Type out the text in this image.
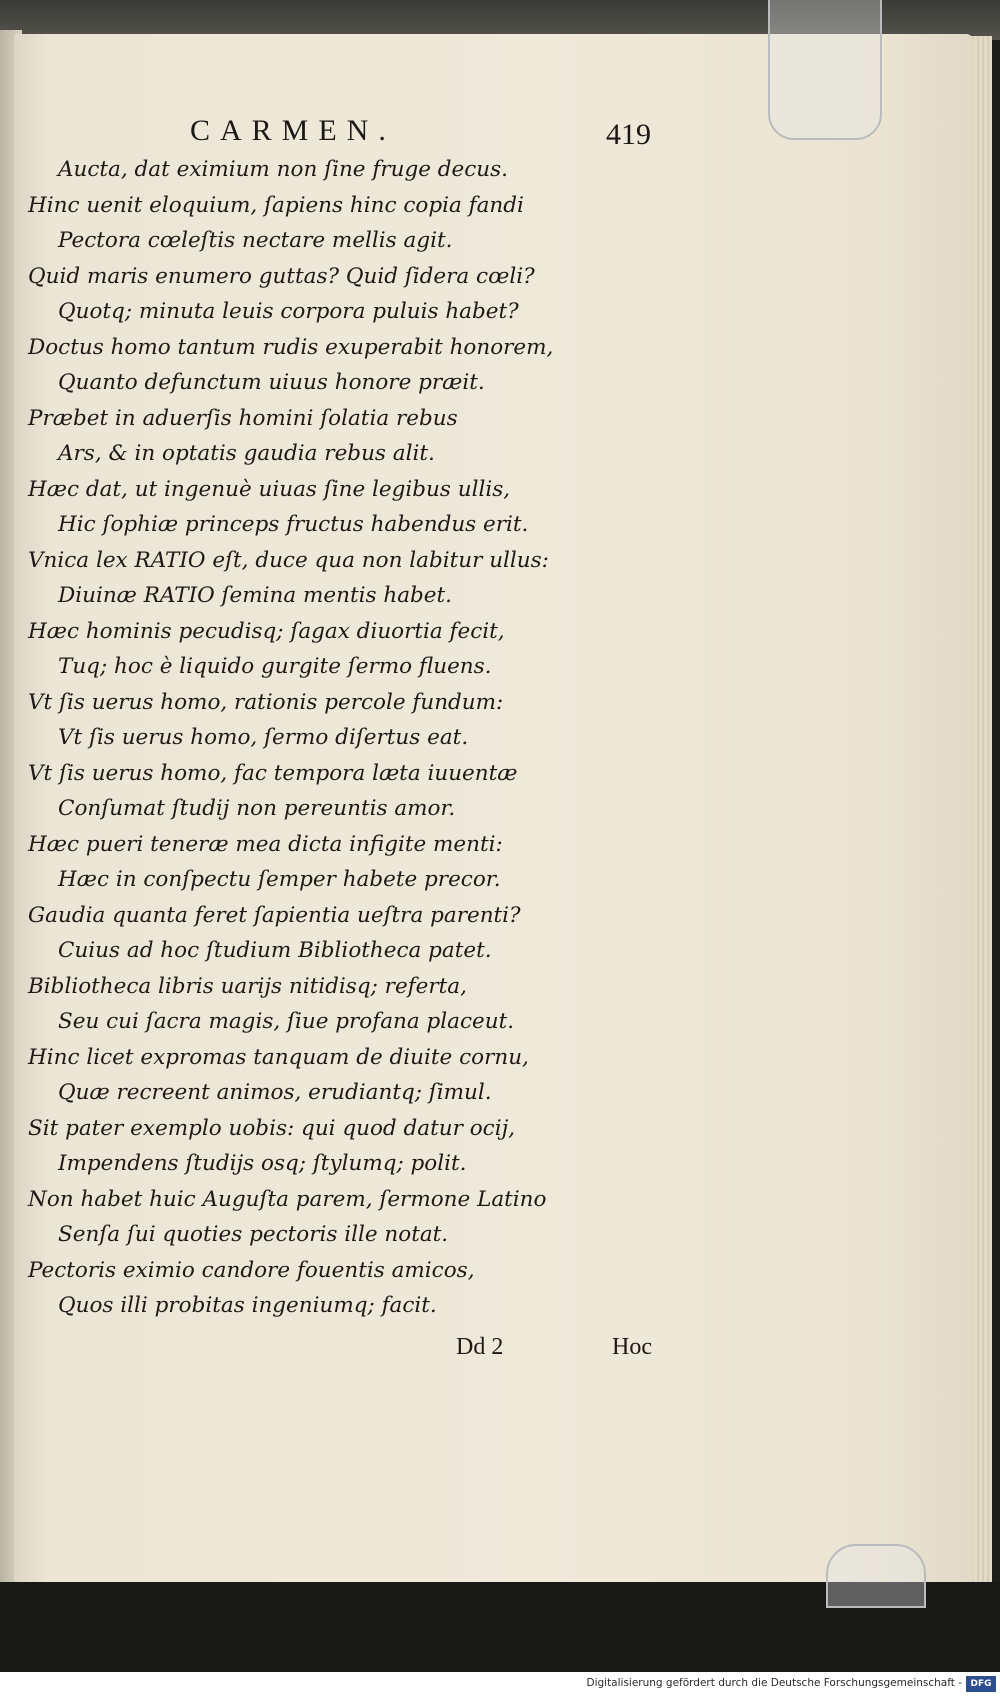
CARMEN.	419
Aucta, dat eximium non ſine fruge decus.
Hinc uenit eloquium, ſapiens hinc copia fandi
Pectora cœleſtis nectare mellis agit.
Quid maris enumero guttas? Quid ſidera cœli?
Quotq; minuta leuis corpora puluis habet?
Doctus homo tantum rudis exuperabit honorem,
Quanto defunctum uiuus honore præit.
Præbet in aduerſis homini ſolatia rebus
Ars, & in optatis gaudia rebus alit.
Hæc dat, ut ingenuè uiuas ſine legibus ullis,
Hic ſophiæ princeps fructus habendus erit.
Vnica lex RATIO eſt, duce qua non labitur ullus:
Diuinæ RATIO ſemina mentis habet.
Hæc hominis pecudisq; ſagax diuortia fecit,
Tuq; hoc è liquido gurgite ſermo fluens.
Vt ſis uerus homo, rationis percole fundum:
Vt ſis uerus homo, ſermo diſertus eat.
Vt ſis uerus homo, fac tempora læta iuuentæ
Conſumat ſtudij non pereuntis amor.
Hæc pueri teneræ mea dicta infigite menti:
Hæc in conſpectu ſemper habete precor.
Gaudia quanta feret ſapientia ueſtra parenti?
Cuius ad hoc ſtudium Bibliotheca patet.
Bibliotheca libris uarijs nitidisq; referta,
Seu cui ſacra magis, ſiue profana placeut.
Hinc licet expromas tanquam de diuite cornu,
Quæ recreent animos, erudiantq; ſimul.
Sit pater exemplo uobis: qui quod datur ocij,
Impendens ſtudijs osq; ſtylumq; polit.
Non habet huic Auguſta parem, ſermone Latino
Senſa ſui quoties pectoris ille notat.
Pectoris eximio candore fouentis amicos,
Quos illi probitas ingeniumq; facit.
Dd 2	Hoc
Digitalisierung gefördert durch die Deutsche Forschungsgemeinschaft - DFG
